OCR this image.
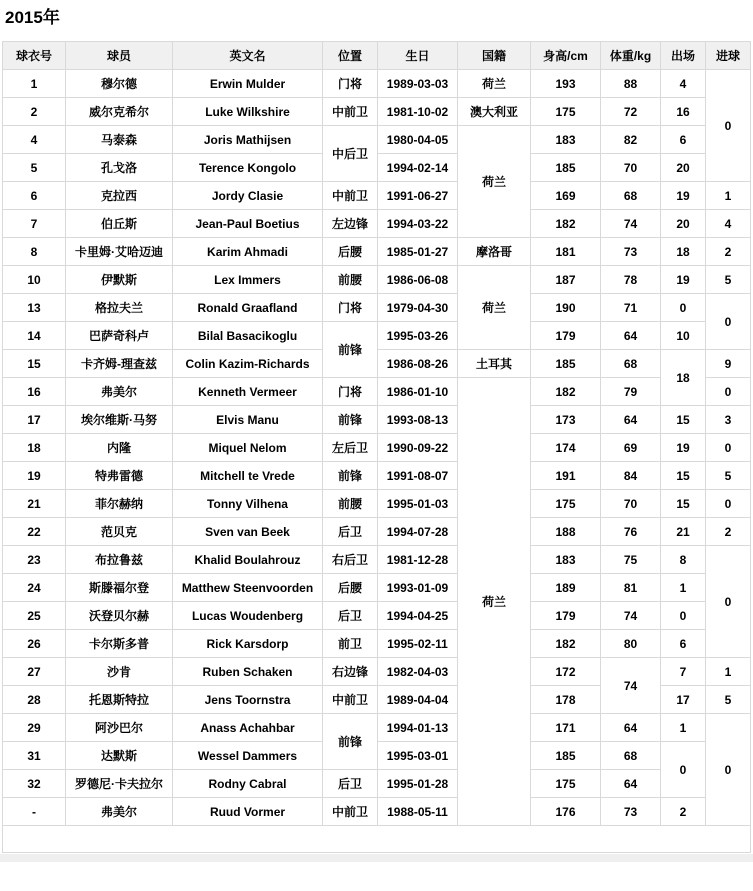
2015年
球衣号	球员	英文名	位置	生日	国籍	身高/cm	体重/kg	出场	进球
1	穆尔德	Erwin Mulder	门将	1989-03-03	荷兰	193	88	4	0
2	威尔克希尔	Luke Wilkshire	中前卫	1981-10-02	澳大利亚	175	72	16	
4	马泰森	Joris Mathijsen	中后卫	1980-04-05	荷兰	183	82	6	
5	孔戈洛	Terence Kongolo		1994-02-14		185	70	20	
6	克拉西	Jordy Clasie	中前卫	1991-06-27		169	68	19	1
7	伯丘斯	Jean-Paul Boetius	左边锋	1994-03-22		182	74	20	4
8	卡里姆·艾哈迈迪	Karim Ahmadi	后腰	1985-01-27	摩洛哥	181	73	18	2
10	伊默斯	Lex Immers	前腰	1986-06-08	荷兰	187	78	19	5
13	格拉夫兰	Ronald Graafland	门将	1979-04-30		190	71	0	0
14	巴萨奇科卢	Bilal Basacikoglu	前锋	1995-03-26		179	64	10	
15	卡齐姆-理查兹	Colin Kazim-Richards		1986-08-26	土耳其	185	68	18	9
16	弗美尔	Kenneth Vermeer	门将	1986-01-10	荷兰	182	79		0
17	埃尔维斯·马努	Elvis Manu	前锋	1993-08-13		173	64	15	3
18	内隆	Miquel Nelom	左后卫	1990-09-22		174	69	19	0
19	特弗雷德	Mitchell te Vrede	前锋	1991-08-07		191	84	15	5
21	菲尔赫纳	Tonny Vilhena	前腰	1995-01-03		175	70	15	0
22	范贝克	Sven van Beek	后卫	1994-07-28		188	76	21	2
23	布拉鲁兹	Khalid Boulahrouz	右后卫	1981-12-28		183	75	8	0
24	斯滕福尔登	Matthew Steenvoorden	后腰	1993-01-09		189	81	1	
25	沃登贝尔赫	Lucas Woudenberg	后卫	1994-04-25		179	74	0	
26	卡尔斯多普	Rick Karsdorp	前卫	1995-02-11		182	80	6	
27	沙肯	Ruben Schaken	右边锋	1982-04-03		172	74	7	1
28	托恩斯特拉	Jens Toornstra	中前卫	1989-04-04		178		17	5
29	阿沙巴尔	Anass Achahbar	前锋	1994-01-13		171	64	1	0
31	达默斯	Wessel Dammers		1995-03-01		185	68	0	
32	罗德尼·卡夫拉尔	Rodny Cabral	后卫	1995-01-28		175	64		
-	弗美尔	Ruud Vormer	中前卫	1988-05-11		176	73	2	
